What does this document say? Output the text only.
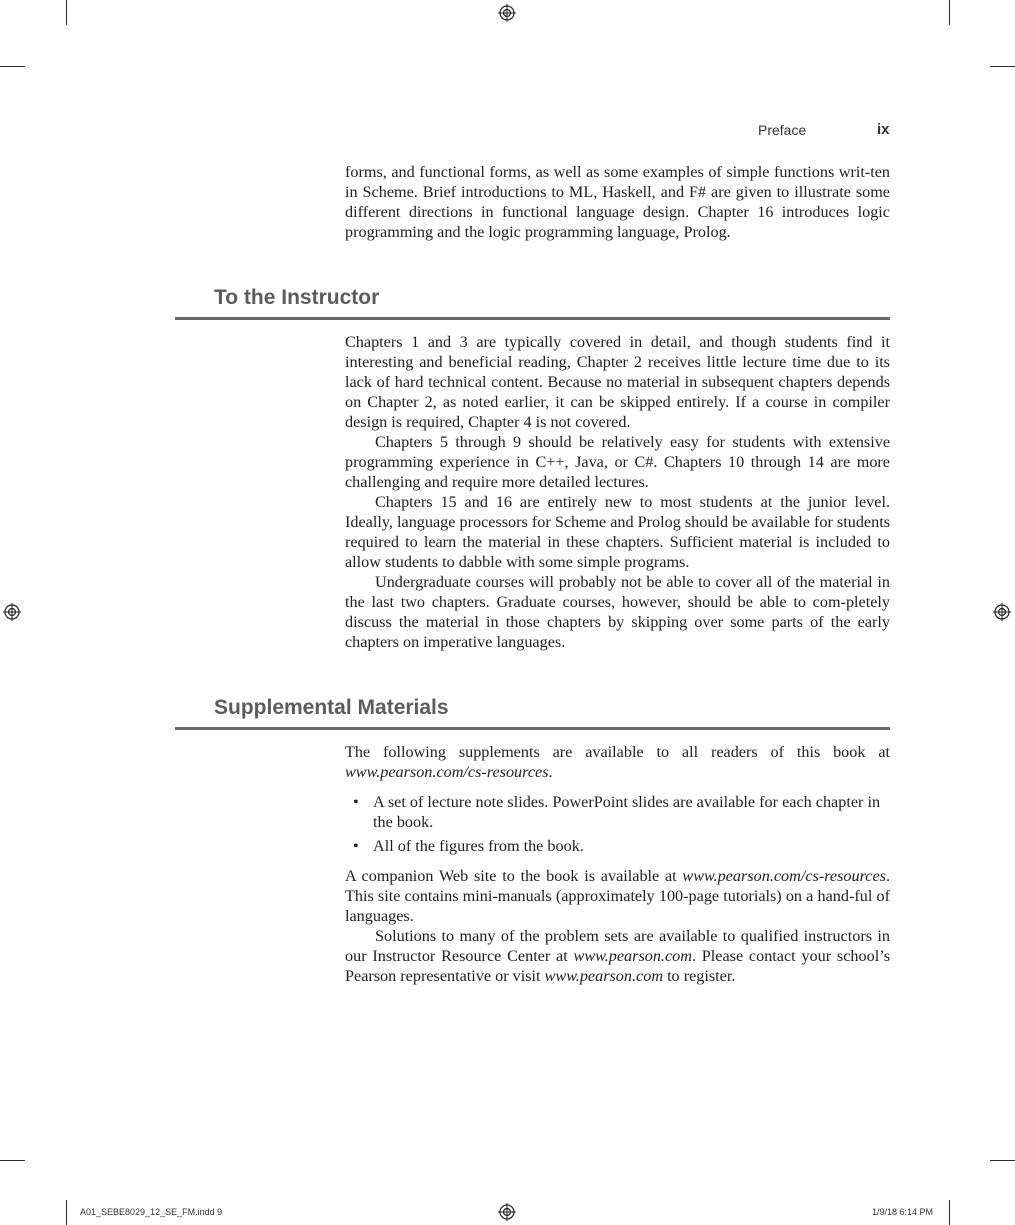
Preface	ix

forms, and functional forms, as well as some examples of simple functions writ-ten in Scheme. Brief introductions to ML, Haskell, and F# are given to illustrate some different directions in functional language design. Chapter 16 introduces logic programming and the logic programming language, Prolog.

To the Instructor

Chapters 1 and 3 are typically covered in detail, and though students find it interesting and beneficial reading, Chapter 2 receives little lecture time due to its lack of hard technical content. Because no material in subsequent chapters depends on Chapter 2, as noted earlier, it can be skipped entirely. If a course in compiler design is required, Chapter 4 is not covered.

Chapters 5 through 9 should be relatively easy for students with extensive programming experience in C++, Java, or C#. Chapters 10 through 14 are more challenging and require more detailed lectures.

Chapters 15 and 16 are entirely new to most students at the junior level. Ideally, language processors for Scheme and Prolog should be available for students required to learn the material in these chapters. Sufficient material is included to allow students to dabble with some simple programs.

Undergraduate courses will probably not be able to cover all of the material in the last two chapters. Graduate courses, however, should be able to com-pletely discuss the material in those chapters by skipping over some parts of the early chapters on imperative languages.

Supplemental Materials

The following supplements are available to all readers of this book at www.pearson.com/cs-resources.

• A set of lecture note slides. PowerPoint slides are available for each chapter in the book.
• All of the figures from the book.

A companion Web site to the book is available at www.pearson.com/cs-resources. This site contains mini-manuals (approximately 100-page tutorials) on a hand-ful of languages.

Solutions to many of the problem sets are available to qualified instructors in our Instructor Resource Center at www.pearson.com. Please contact your school’s Pearson representative or visit www.pearson.com to register.

A01_SEBE8029_12_SE_FM.indd 9	1/9/18 6:14 PM
